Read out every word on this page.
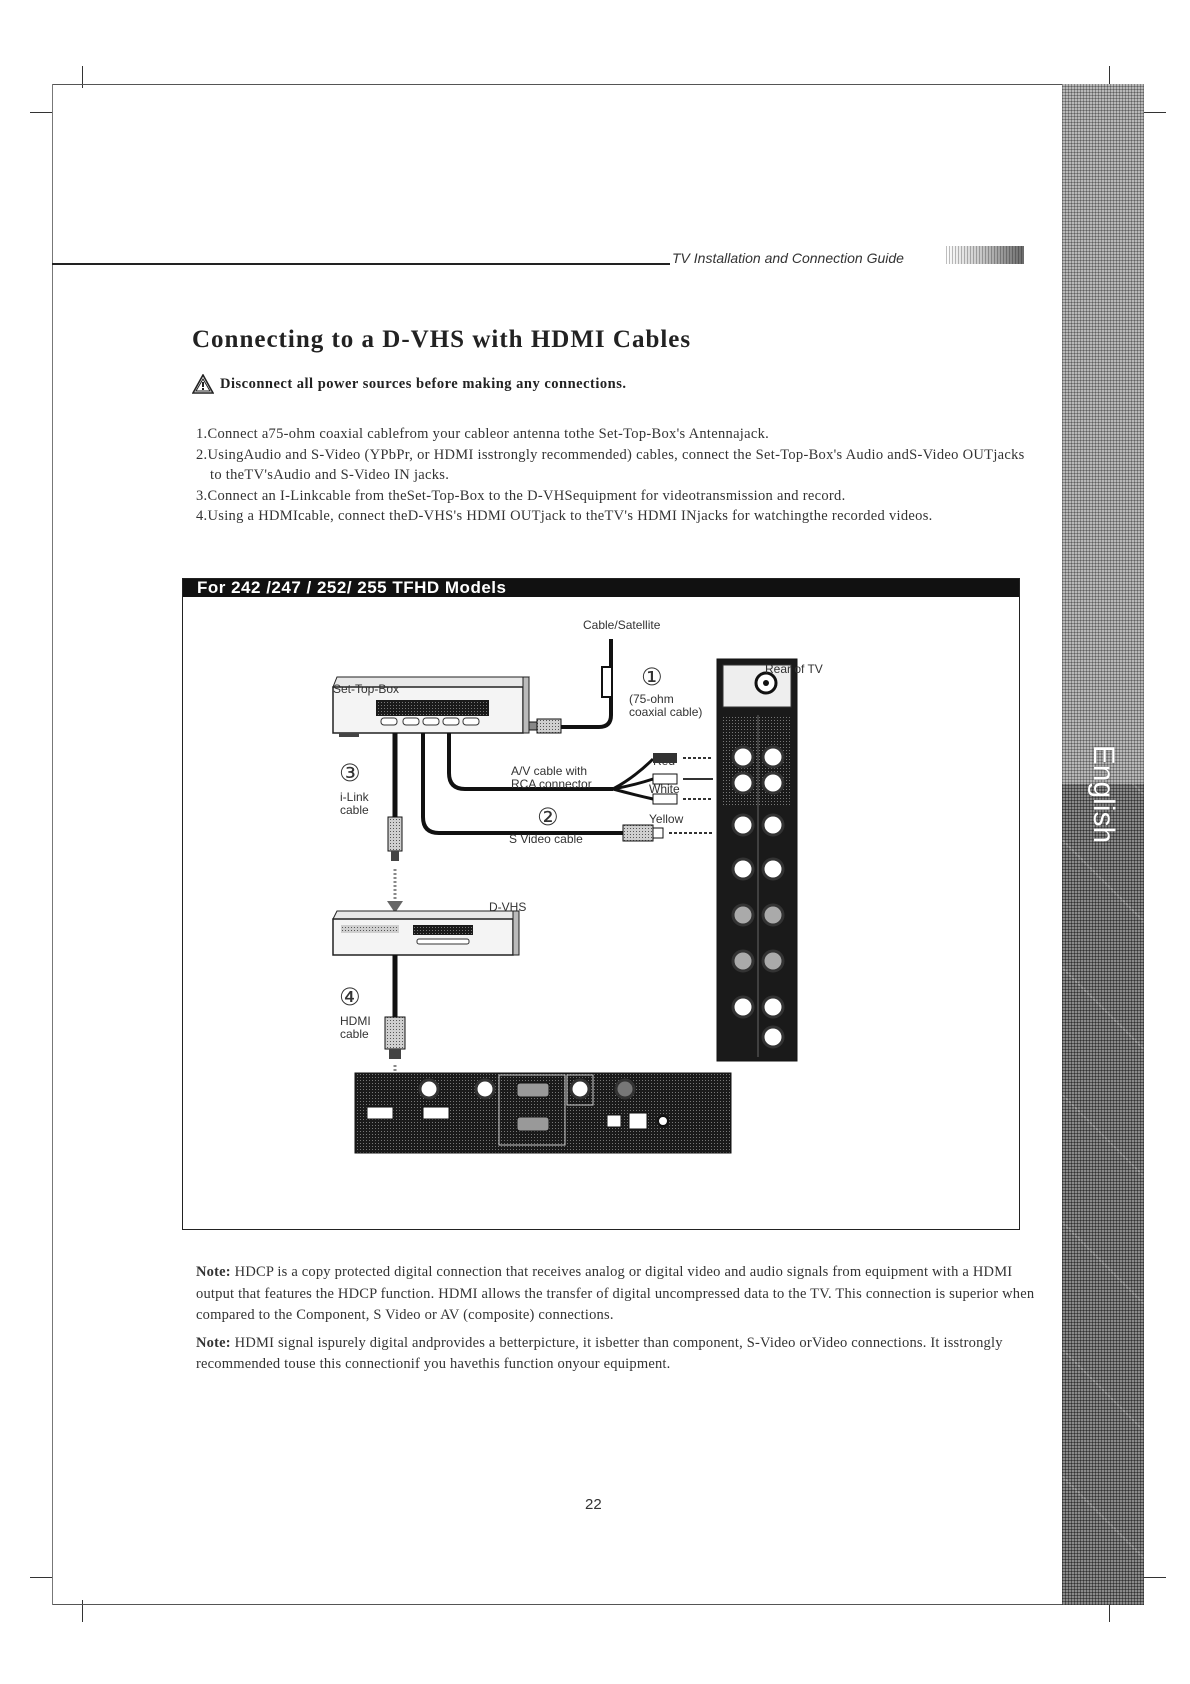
English
TV Installation and Connection Guide
Connecting to a D-VHS with HDMI Cables
Disconnect all power sources before making any connections.

1.Connect a75-ohm coaxial cablefrom your cableor antenna tothe Set-Top-Box's Antennajack.

2.UsingAudio and S-Video (YPbPr, or HDMI isstrongly recommended) cables, connect the Set-Top-Box's Audio andS-Video OUTjacks to theTV'sAudio and S-Video IN jacks.

3.Connect an I-Linkcable from theSet-Top-Box to the D-VHSequipment for videotransmission and record.

4.Using a HDMIcable, connect theD-VHS's HDMI OUTjack to theTV's HDMI INjacks for watchingthe recorded videos.

For 242 /247 / 252/ 255 TFHD Models
Cable/Satellite
Set-Top-Box
Rear of TV
①
(75-ohm
coaxial cable)
A/V cable with
RCA connector
Red
White
Yellow
②
S Video cable
③
i-Link
cable
D-VHS
④
HDMI
cable

Note: HDCP is a copy protected digital connection that receives analog or digital video and audio signals from equipment with a HDMI output that features the HDCP function. HDMI allows the transfer of digital uncompressed data to the TV. This connection is superior when compared to the Component, S Video or AV (composite) connections.

Note: HDMI signal ispurely digital andprovides a betterpicture, it isbetter than component, S-Video orVideo connections. It isstrongly recommended touse this connectionif you havethis function onyour equipment.

22
